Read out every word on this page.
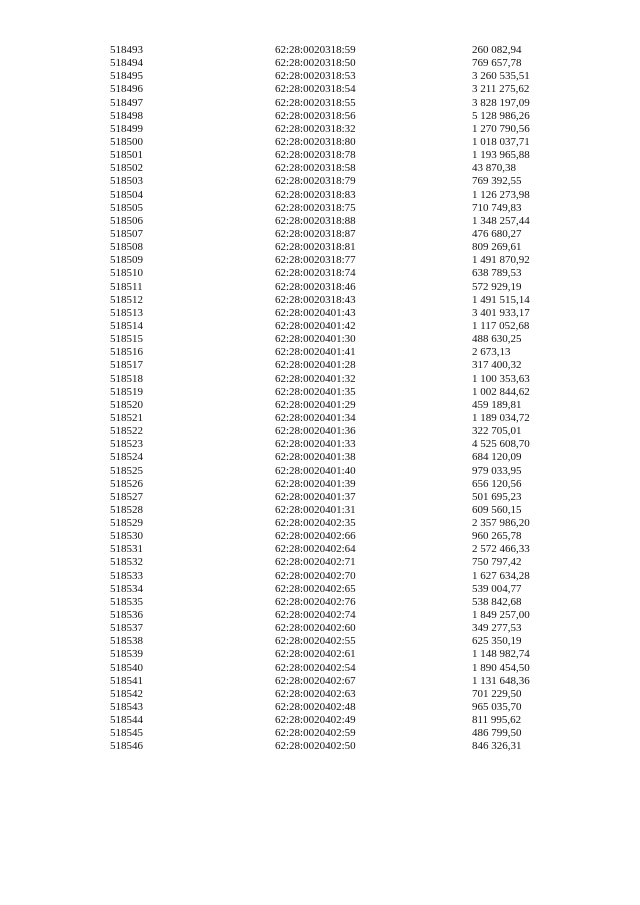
518493	62:28:0020318:59	260 082,94
518494	62:28:0020318:50	769 657,78
518495	62:28:0020318:53	3 260 535,51
518496	62:28:0020318:54	3 211 275,62
518497	62:28:0020318:55	3 828 197,09
518498	62:28:0020318:56	5 128 986,26
518499	62:28:0020318:32	1 270 790,56
518500	62:28:0020318:80	1 018 037,71
518501	62:28:0020318:78	1 193 965,88
518502	62:28:0020318:58	43 870,38
518503	62:28:0020318:79	769 392,55
518504	62:28:0020318:83	1 126 273,98
518505	62:28:0020318:75	710 749,83
518506	62:28:0020318:88	1 348 257,44
518507	62:28:0020318:87	476 680,27
518508	62:28:0020318:81	809 269,61
518509	62:28:0020318:77	1 491 870,92
518510	62:28:0020318:74	638 789,53
518511	62:28:0020318:46	572 929,19
518512	62:28:0020318:43	1 491 515,14
518513	62:28:0020401:43	3 401 933,17
518514	62:28:0020401:42	1 117 052,68
518515	62:28:0020401:30	488 630,25
518516	62:28:0020401:41	2 673,13
518517	62:28:0020401:28	317 400,32
518518	62:28:0020401:32	1 100 353,63
518519	62:28:0020401:35	1 002 844,62
518520	62:28:0020401:29	459 189,81
518521	62:28:0020401:34	1 189 034,72
518522	62:28:0020401:36	322 705,01
518523	62:28:0020401:33	4 525 608,70
518524	62:28:0020401:38	684 120,09
518525	62:28:0020401:40	979 033,95
518526	62:28:0020401:39	656 120,56
518527	62:28:0020401:37	501 695,23
518528	62:28:0020401:31	609 560,15
518529	62:28:0020402:35	2 357 986,20
518530	62:28:0020402:66	960 265,78
518531	62:28:0020402:64	2 572 466,33
518532	62:28:0020402:71	750 797,42
518533	62:28:0020402:70	1 627 634,28
518534	62:28:0020402:65	539 004,77
518535	62:28:0020402:76	538 842,68
518536	62:28:0020402:74	1 849 257,00
518537	62:28:0020402:60	349 277,53
518538	62:28:0020402:55	625 350,19
518539	62:28:0020402:61	1 148 982,74
518540	62:28:0020402:54	1 890 454,50
518541	62:28:0020402:67	1 131 648,36
518542	62:28:0020402:63	701 229,50
518543	62:28:0020402:48	965 035,70
518544	62:28:0020402:49	811 995,62
518545	62:28:0020402:59	486 799,50
518546	62:28:0020402:50	846 326,31
